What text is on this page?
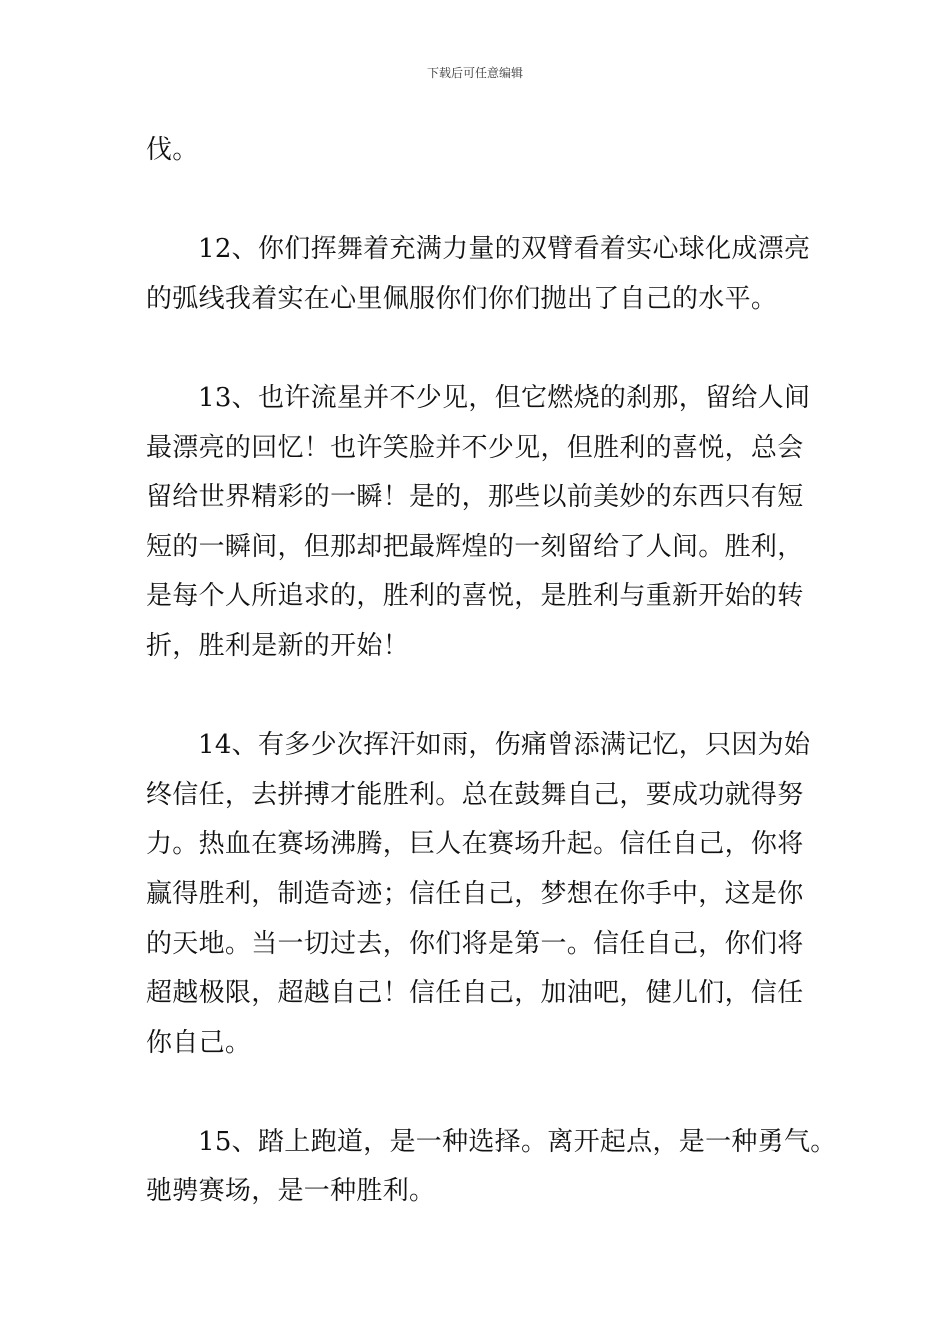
下载后可任意编辑
伐。
12、你们挥舞着充满力量的双臂看着实心球化成漂亮
的弧线我着实在心里佩服你们你们抛出了自己的水平。
13、也许流星并不少见，但它燃烧的刹那，留给人间
最漂亮的回忆！也许笑脸并不少见，但胜利的喜悦，总会
留给世界精彩的一瞬！是的，那些以前美妙的东西只有短
短的一瞬间，但那却把最辉煌的一刻留给了人间。胜利，
是每个人所追求的，胜利的喜悦，是胜利与重新开始的转
折，胜利是新的开始！
14、有多少次挥汗如雨，伤痛曾添满记忆，只因为始
终信任，去拼搏才能胜利。总在鼓舞自己，要成功就得努
力。热血在赛场沸腾，巨人在赛场升起。信任自己，你将
赢得胜利，制造奇迹；信任自己，梦想在你手中，这是你
的天地。当一切过去，你们将是第一。信任自己，你们将
超越极限，超越自己！信任自己，加油吧，健儿们，信任
你自己。
15、踏上跑道，是一种选择。离开起点，是一种勇气。
驰骋赛场，是一种胜利。
